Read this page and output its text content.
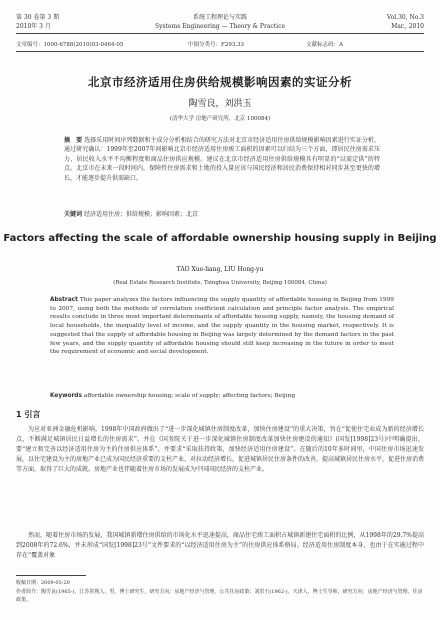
第 30 卷第 3 期	系统工程理论与实践	Vol.30, No.3
2010年 3 月	Systems Engineering — Theory & Practice	Mar., 2010
文章编号：1000-6788(2010)03-0464-05	中图分类号：F293.33	文献标志码：A
北京市经济适用住房供给规模影响因素的实证分析
陶雪良，刘洪玉
(清华大学 房地产研究所，北京 100084)
摘　要 选择采用时间序列数据和主成分分析相结合的研究方法对北京市经济适用住房供给规模影响因素进行实证分析，通过研究确认：1999年至2007年间影响北京市经济适用住房竣工面积的因素可以归结为三个方面，即居民住房需求压力，居民收入水平不均衡程度和商品住房供应规模。建议在北京市经济适用住房供给规模具有明显的“以需定供”的特点。北京市在未来一段时间内，保障性住房需求和土地的投入量应该与国民经济和居民消费保持相对同步甚至更快的增长，才能逐步提升供需缺口。
关键词 经济适用住房；供给规模；影响因素；北京
Factors affecting the scale of affordable ownership housing supply in Beijing
TAO Xue-liang, LIU Hong-yu
(Real Estate Research Institute, Tsinghua University, Beijing 100084, China)
Abstract This paper analyzes the factors influencing the supply quantity of affordable housing in Beijing from 1999 to 2007, using both the methods of correlation coefficient calculation and principle factor analysis. The empirical results conclude in three most important determinants of affordable housing supply, namely, the housing demand of local households, the inequality level of income, and the supply quantity in the housing market, respectively. It is suggested that the supply of affordable housing in Beijing was largely determined by the demand factors in the past few years, and the supply quantity of affordable housing should still keep increasing in the future in order to meet the requirement of economic and social development.
Keywords affordable ownership housing; scale of supply; affecting factors; Beijing
1 引言
为应对亚洲金融危机影响，1998年中国政府做出了“进一步深化城镇住房制度改革，加快住房建设”的重大决策，旨在“促使住宅业成为新的经济增长点，不断满足城镇居民日益增长的住房需求”。并在《国务院关于进一步深化城镇住房制度改革加快住房建设的通知》(国发[1998]23号)中明确提出，要“建立和完善以经济适用住房为主的住房供应体系”，并要求“采取扶持政策，加快经济适用住房建设”。在随后的10年多时间里，中国住房市场迅速发展，以住宅建设为主的房地产业已成为国民经济重要的支柱产业，对拉动经济增长，促进城镇居民住房条件的改善，提高城镇居民住房水平，促进住房消费等方面，取得了巨大的成就。房地产业也伴随着住房市场的发展成为中国国民经济的支柱产业。
然而，随着住房市场的发展，我国城镇新增住房供给的市场化水平迅速提高，商品住宅竣工面积占城镇新建住宅面积的比例，从1998年的29.7%提高到2008年的72.6%，并未形成“国发[1998]23号”文件要求的“以经济适用住房为主”的住房供应体系格局。经济适用住房制度本身，也由于在实施过程中存在“覆盖对象
收稿日期：2009-05-20
作者简介：陶雪良(1965-)，江苏常熟人，男，博士研究生，研究方向：房地产经济与管理，公共住房政策；刘洪玉(1962-)，天津人，博士生导师，研究方向：房地产经济与管理，住房政策。
